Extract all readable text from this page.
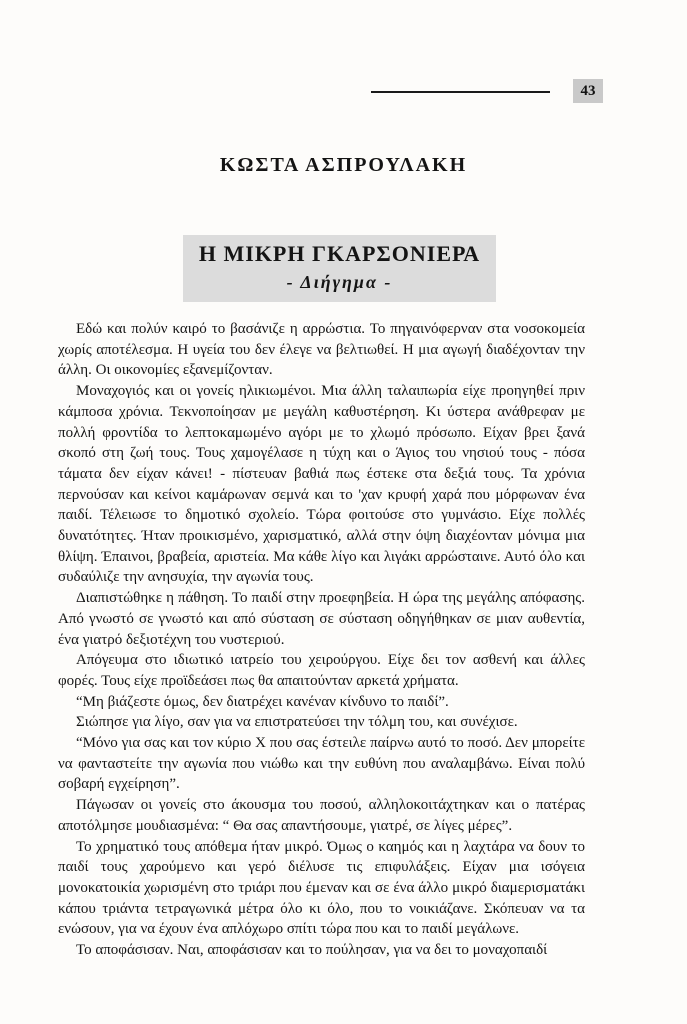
43
ΚΩΣΤΑ ΑΣΠΡΟΥΛΑΚΗ
Η ΜΙΚΡΗ ΓΚΑΡΣΟΝΙΕΡΑ
- Διήγημα -

Εδώ και πολύν καιρό το βασάνιζε η αρρώστια. Το πηγαινόφερναν στα νοσοκομεία χωρίς αποτέλεσμα. Η υγεία του δεν έλεγε να βελτιωθεί. Η μια αγωγή διαδέχονταν την άλλη. Οι οικονομίες εξανεμίζονταν.

Μοναχογιός και οι γονείς ηλικιωμένοι. Μια άλλη ταλαιπωρία είχε προηγηθεί πριν κάμποσα χρόνια. Τεκνοποίησαν με μεγάλη καθυστέρηση. Κι ύστερα ανάθρεφαν με πολλή φροντίδα το λεπτοκαμωμένο αγόρι με το χλωμό πρόσωπο. Είχαν βρει ξανά σκοπό στη ζωή τους. Τους χαμογέλασε η τύχη και ο Άγιος του νησιού τους - πόσα τάματα δεν είχαν κάνει! - πίστευαν βαθιά πως έστεκε στα δεξιά τους. Τα χρόνια περνούσαν και κείνοι καμάρωναν σεμνά και το 'χαν κρυφή χαρά που μόρφωναν ένα παιδί. Τέλειωσε το δημοτικό σχολείο. Τώρα φοιτούσε στο γυμνάσιο. Είχε πολλές δυνατότητες. Ήταν προικισμένο, χαρισματικό, αλλά στην όψη διαχέονταν μόνιμα μια θλίψη. Έπαινοι, βραβεία, αριστεία. Μα κάθε λίγο και λιγάκι αρρώσταινε. Αυτό όλο και συδαύλιζε την ανησυχία, την αγωνία τους.

Διαπιστώθηκε η πάθηση. Το παιδί στην προεφηβεία. Η ώρα της μεγάλης απόφασης. Από γνωστό σε γνωστό και από σύσταση σε σύσταση οδηγήθηκαν σε μιαν αυθεντία, ένα γιατρό δεξιοτέχνη του νυστεριού.

Απόγευμα στο ιδιωτικό ιατρείο του χειρούργου. Είχε δει τον ασθενή και άλλες φορές. Τους είχε προϊδεάσει πως θα απαιτούνταν αρκετά χρήματα.

“Μη βιάζεστε όμως, δεν διατρέχει κανέναν κίνδυνο το παιδί”.

Σιώπησε για λίγο, σαν για να επιστρατεύσει την τόλμη του, και συνέχισε.

“Μόνο για σας και τον κύριο Χ που σας έστειλε παίρνω αυτό το ποσό. Δεν μπορείτε να φανταστείτε την αγωνία που νιώθω και την ευθύνη που αναλαμβάνω. Είναι πολύ σοβαρή εγχείρηση”.

Πάγωσαν οι γονείς στο άκουσμα του ποσού, αλληλοκοιτάχτηκαν και ο πατέρας αποτόλμησε μουδιασμένα: “ Θα σας απαντήσουμε, γιατρέ, σε λίγες μέρες”.

Το χρηματικό τους απόθεμα ήταν μικρό. Όμως ο καημός και η λαχτάρα να δουν το παιδί τους χαρούμενο και γερό διέλυσε τις επιφυλάξεις. Είχαν μια ισόγεια μονοκατοικία χωρισμένη στο τριάρι που έμεναν και σε ένα άλλο μικρό διαμερισματάκι κάπου τριάντα τετραγωνικά μέτρα όλο κι όλο, που το νοικιάζανε. Σκόπευαν να τα ενώσουν, για να έχουν ένα απλόχωρο σπίτι τώρα που και το παιδί μεγάλωνε.

Το αποφάσισαν. Ναι, αποφάσισαν και το πούλησαν, για να δει το μοναχοπαιδί
